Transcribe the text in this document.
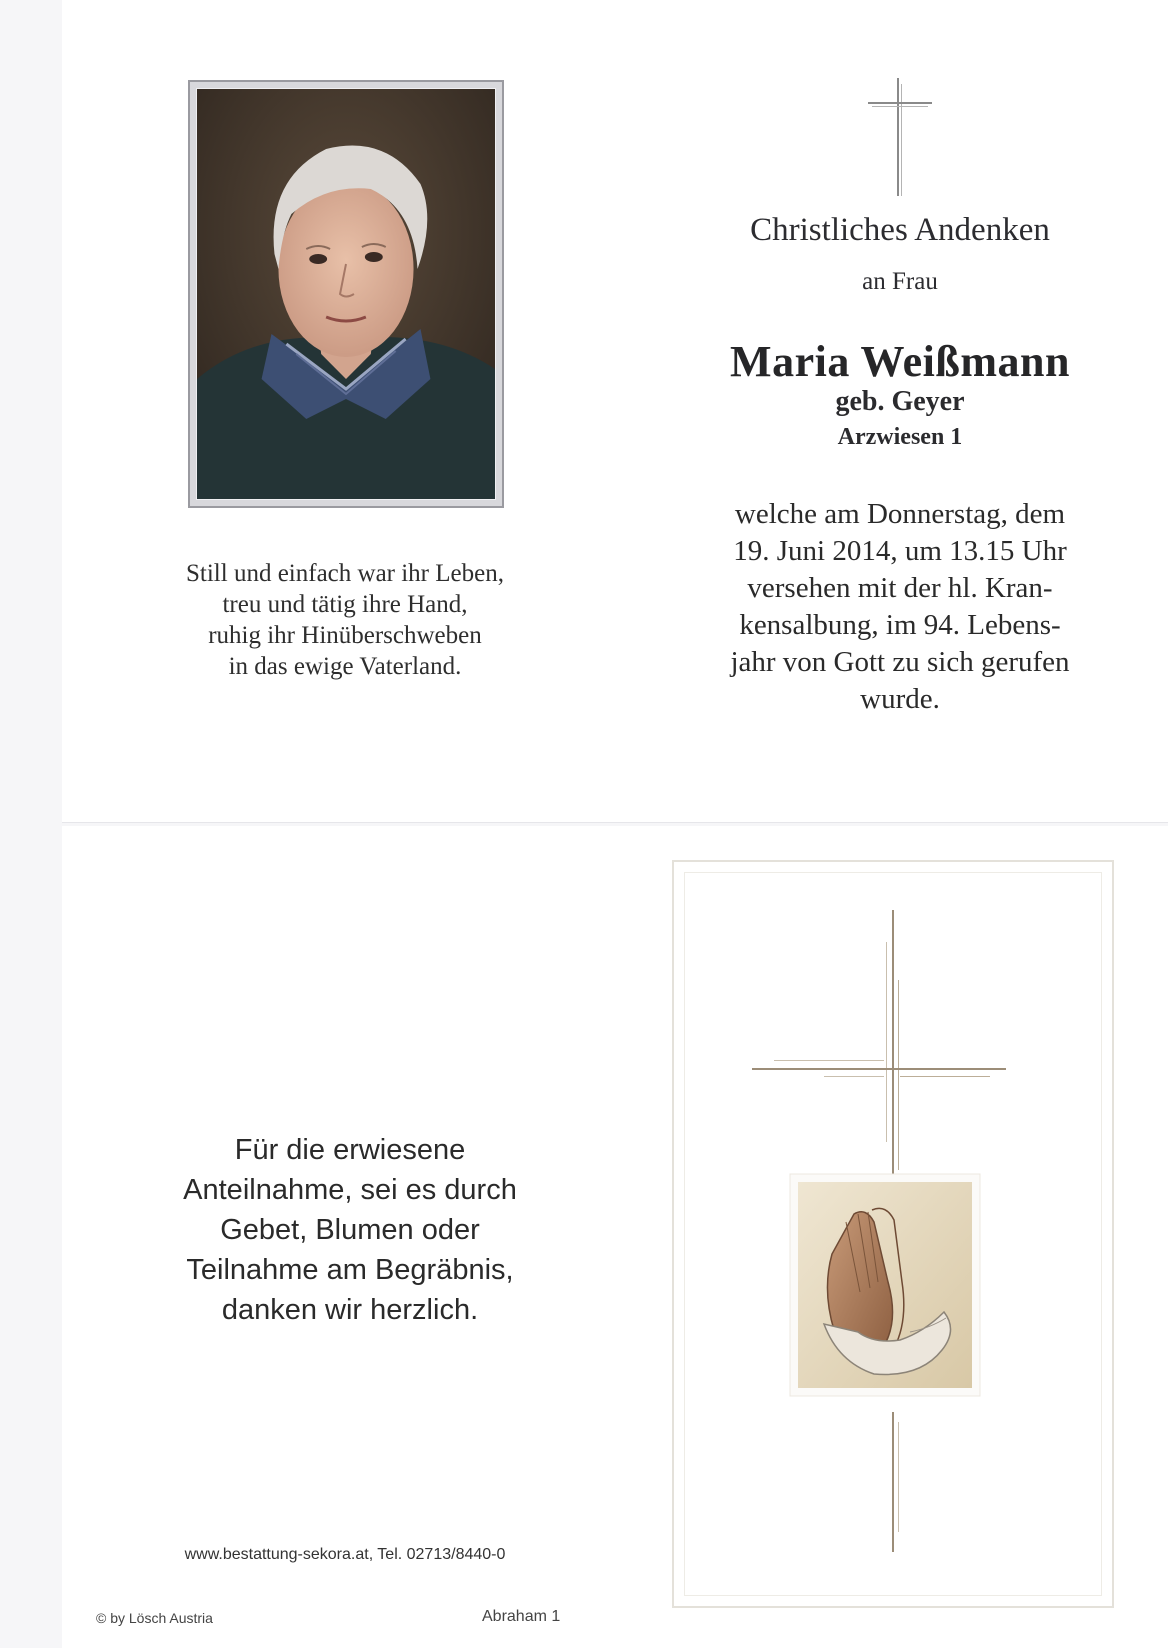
Still und einfach war ihr Leben,
treu und tätig ihre Hand,
ruhig ihr Hinüberschweben
in das ewige Vaterland.
Christliches Andenken
an Frau
Maria Weißmann
geb. Geyer
Arzwiesen 1
welche am Donnerstag, dem
19. Juni 2014, um 13.15 Uhr
versehen mit der hl. Kran-
kensalbung, im 94. Lebens-
jahr von Gott zu sich gerufen
wurde.
Für die erwiesene
Anteilnahme, sei es durch
Gebet, Blumen oder
Teilnahme am Begräbnis,
danken wir herzlich.
www.bestattung-sekora.at, Tel. 02713/8440-0
© by Lösch Austria	Abraham 1
